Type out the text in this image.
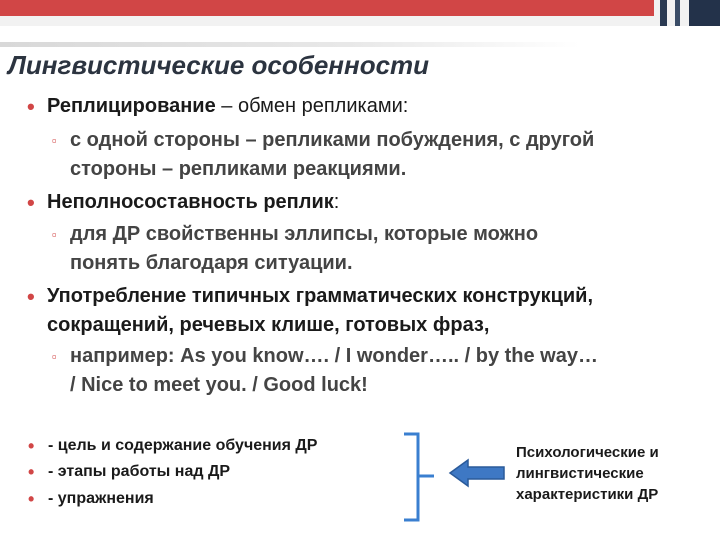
Лингвистические особенности
• Реплицирование – обмен репликами:
▫ с одной стороны – репликами побуждения, с другой
стороны – репликами реакциями.
• Неполносоставность реплик:
▫ для ДР свойственны эллипсы, которые можно
понять благодаря ситуации.
• Употребление типичных грамматических конструкций,
сокращений, речевых клише, готовых фраз,
▫ например: As you know…. / I wonder….. / by the way…
/ Nice to meet you. / Good luck!
• - цель и содержание обучения ДР
• - этапы работы над ДР
• - упражнения
Психологические и
лингвистические
характеристики ДР
